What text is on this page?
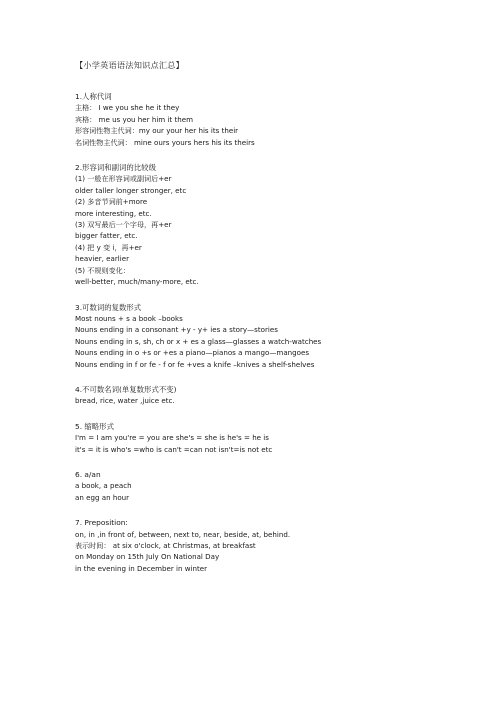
【小学英语语法知识点汇总】
1.人称代词
主格： I we you she he it they
宾格： me us you her him it them
形容词性物主代词：my our your her his its their
名词性物主代词： mine ours yours hers his its theirs
2.形容词和副词的比较级
(1) 一般在形容词或副词后+er
older taller longer stronger, etc
(2) 多音节词前+more
more interesting, etc.
(3) 双写最后一个字母，再+er
bigger fatter, etc.
(4) 把 y 变 i，再+er
heavier, earlier
(5) 不规则变化：
well-better, much/many-more, etc.
3.可数词的复数形式
Most nouns + s a book –books
Nouns ending in a consonant +y - y+ ies a story—stories
Nouns ending in s, sh, ch or x + es a glass—glasses a watch-watches
Nouns ending in o +s or +es a piano—pianos a mango—mangoes
Nouns ending in f or fe - f or fe +ves a knife –knives a shelf-shelves
4.不可数名词(单复数形式不变)
bread, rice, water ,juice etc.
5. 缩略形式
I'm = I am you're = you are she's = she is he's = he is
it's = it is who's =who is can't =can not isn't=is not etc
6. a/an
a book, a peach
an egg an hour
7. Preposition:
on, in ,in front of, between, next to, near, beside, at, behind.
表示时间： at six o'clock, at Christmas, at breakfast
on Monday on 15th July On National Day
in the evening in December in winter
